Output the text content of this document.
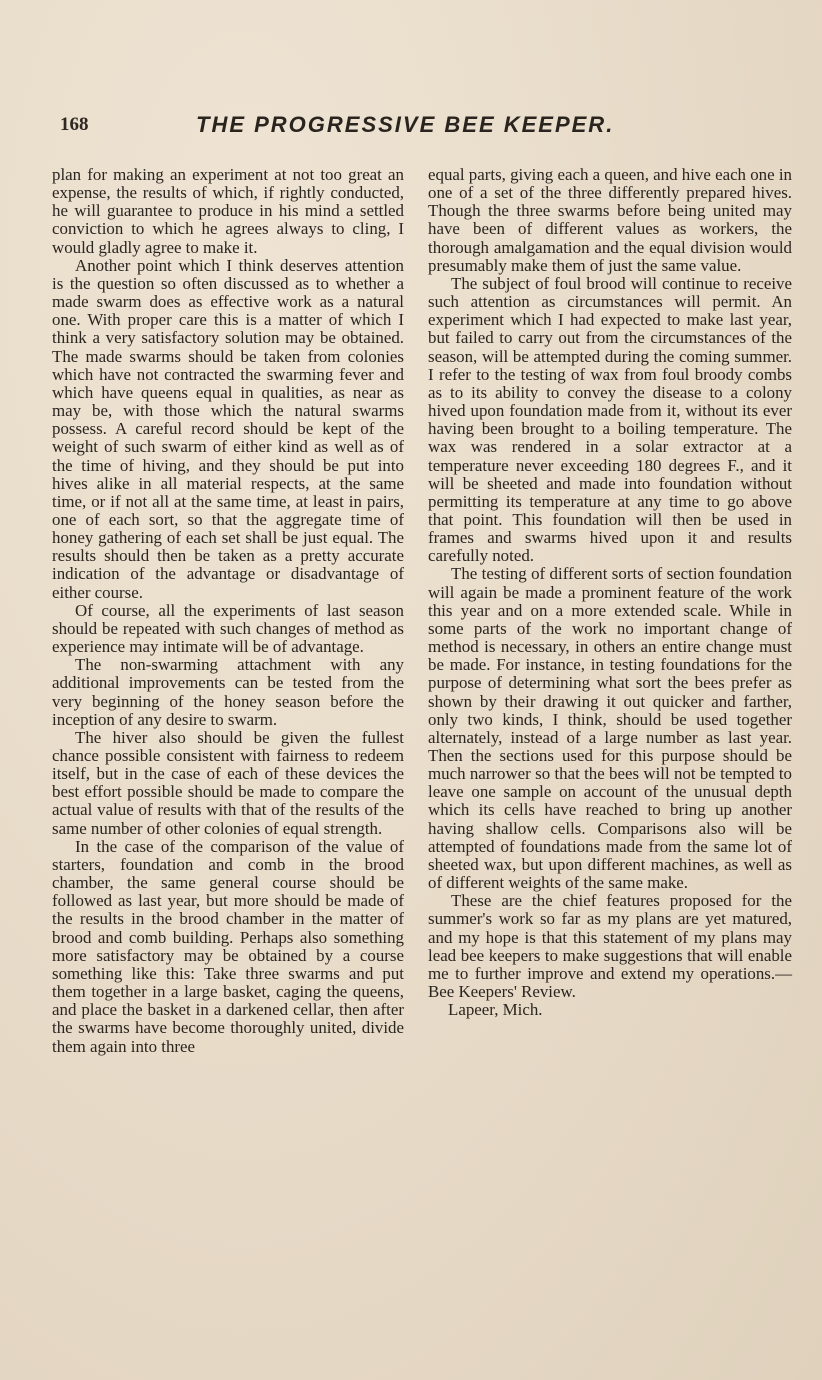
168	THE PROGRESSIVE BEE KEEPER.

plan for making an experiment at not too great an expense, the results of which, if rightly conducted, he will guarantee to produce in his mind a settled conviction to which he agrees always to cling, I would gladly agree to make it.

Another point which I think deserves attention is the question so often discussed as to whether a made swarm does as effective work as a natural one. With proper care this is a matter of which I think a very satisfactory solution may be obtained. The made swarms should be taken from colonies which have not contracted the swarming fever and which have queens equal in qualities, as near as may be, with those which the natural swarms possess. A careful record should be kept of the weight of such swarm of either kind as well as of the time of hiving, and they should be put into hives alike in all material respects, at the same time, or if not all at the same time, at least in pairs, one of each sort, so that the aggregate time of honey gathering of each set shall be just equal. The results should then be taken as a pretty accurate indication of the advantage or disadvantage of either course.

Of course, all the experiments of last season should be repeated with such changes of method as experience may intimate will be of advantage.

The non-swarming attachment with any additional improvements can be tested from the very beginning of the honey season before the inception of any desire to swarm.

The hiver also should be given the fullest chance possible consistent with fairness to redeem itself, but in the case of each of these devices the best effort possible should be made to compare the actual value of results with that of the results of the same number of other colonies of equal strength.

In the case of the comparison of the value of starters, foundation and comb in the brood chamber, the same general course should be followed as last year, but more should be made of the results in the brood chamber in the matter of brood and comb building. Perhaps also something more satisfactory may be obtained by a course something like this: Take three swarms and put them together in a large basket, caging the queens, and place the basket in a darkened cellar, then after the swarms have become thoroughly united, divide them again into three

equal parts, giving each a queen, and hive each one in one of a set of the three differently prepared hives. Though the three swarms before being united may have been of different values as workers, the thorough amalgamation and the equal division would presumably make them of just the same value.

The subject of foul brood will continue to receive such attention as circumstances will permit. An experiment which I had expected to make last year, but failed to carry out from the circumstances of the season, will be attempted during the coming summer. I refer to the testing of wax from foul broody combs as to its ability to convey the disease to a colony hived upon foundation made from it, without its ever having been brought to a boiling temperature. The wax was rendered in a solar extractor at a temperature never exceeding 180 degrees F., and it will be sheeted and made into foundation without permitting its temperature at any time to go above that point. This foundation will then be used in frames and swarms hived upon it and results carefully noted.

The testing of different sorts of section foundation will again be made a prominent feature of the work this year and on a more extended scale. While in some parts of the work no important change of method is necessary, in others an entire change must be made. For instance, in testing foundations for the purpose of determining what sort the bees prefer as shown by their drawing it out quicker and farther, only two kinds, I think, should be used together alternately, instead of a large number as last year. Then the sections used for this purpose should be much narrower so that the bees will not be tempted to leave one sample on account of the unusual depth which its cells have reached to bring up another having shallow cells. Comparisons also will be attempted of foundations made from the same lot of sheeted wax, but upon different machines, as well as of different weights of the same make.

These are the chief features proposed for the summer's work so far as my plans are yet matured, and my hope is that this statement of my plans may lead bee keepers to make suggestions that will enable me to further improve and extend my operations.—Bee Keepers' Review.

Lapeer, Mich.
